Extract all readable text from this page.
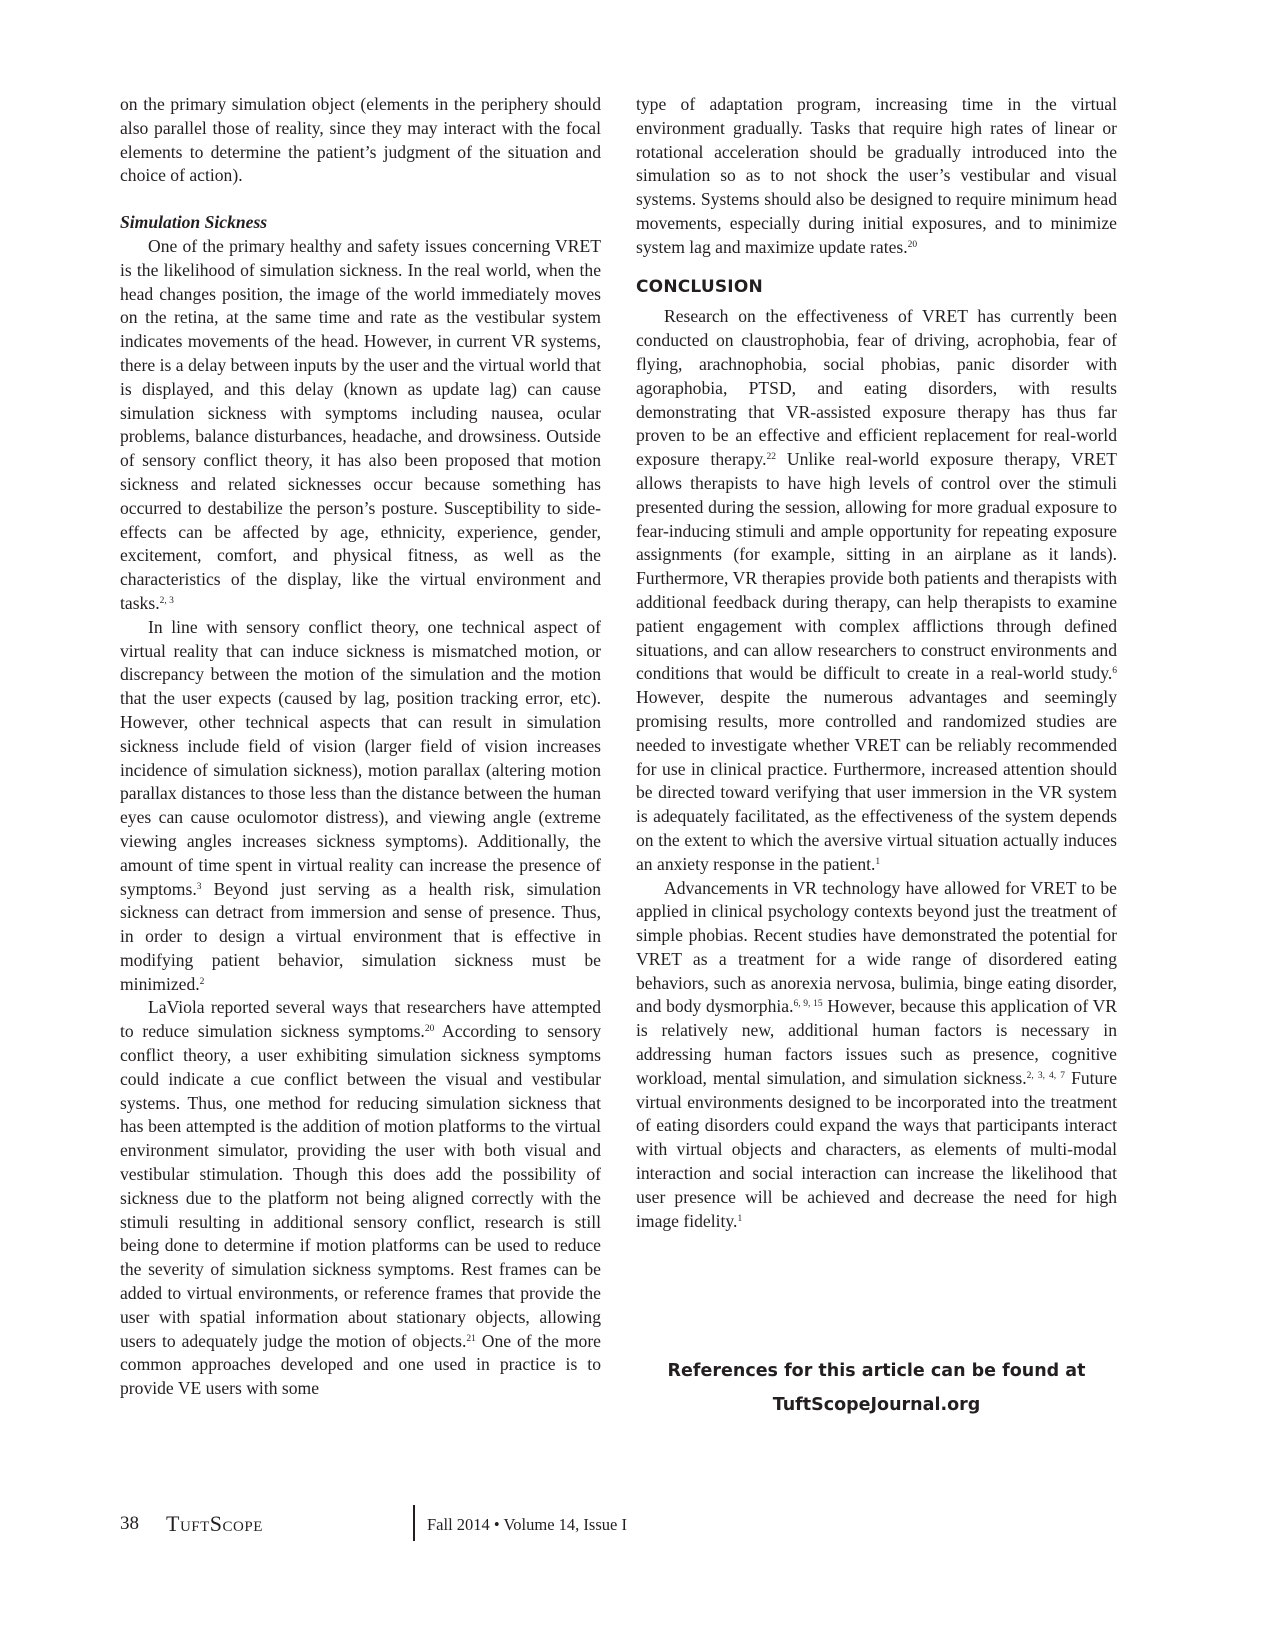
on the primary simulation object (elements in the periphery should also parallel those of reality, since they may interact with the focal elements to determine the patient’s judgment of the situation and choice of action).

Simulation Sickness

One of the primary healthy and safety issues concerning VRET is the likelihood of simulation sickness. In the real world, when the head changes position, the image of the world immediately moves on the retina, at the same time and rate as the vestibular system indicates movements of the head. However, in current VR systems, there is a delay between inputs by the user and the virtual world that is displayed, and this delay (known as update lag) can cause simulation sickness with symptoms including nausea, ocular problems, balance disturbances, headache, and drowsiness. Outside of sensory conflict theory, it has also been proposed that motion sickness and related sicknesses occur because something has occurred to destabilize the person’s posture. Susceptibility to side-effects can be affected by age, ethnicity, experience, gender, excitement, comfort, and physical fitness, as well as the characteristics of the display, like the virtual environment and tasks.$^{2, 3}$

In line with sensory conflict theory, one technical aspect of virtual reality that can induce sickness is mismatched motion, or discrepancy between the motion of the simulation and the motion that the user expects (caused by lag, position tracking error, etc). However, other technical aspects that can result in simulation sickness include field of vision (larger field of vision increases incidence of simulation sickness), motion parallax (altering motion parallax distances to those less than the distance between the human eyes can cause oculomotor distress), and viewing angle (extreme viewing angles increases sickness symptoms). Additionally, the amount of time spent in virtual reality can increase the presence of symptoms.$^3$ Beyond just serving as a health risk, simulation sickness can detract from immersion and sense of presence. Thus, in order to design a virtual environment that is effective in modifying patient behavior, simulation sickness must be minimized.$^2$

LaViola reported several ways that researchers have attempted to reduce simulation sickness symptoms.$^{20}$ According to sensory conflict theory, a user exhibiting simulation sickness symptoms could indicate a cue conflict between the visual and vestibular systems. Thus, one method for reducing simulation sickness that has been attempted is the addition of motion platforms to the virtual environment simulator, providing the user with both visual and vestibular stimulation. Though this does add the possibility of sickness due to the platform not being aligned correctly with the stimuli resulting in additional sensory conflict, research is still being done to determine if motion platforms can be used to reduce the severity of simulation sickness symptoms. Rest frames can be added to virtual environments, or reference frames that provide the user with spatial information about stationary objects, allowing users to adequately judge the motion of objects.$^{21}$ One of the more common approaches developed and one used in practice is to provide VE users with some

type of adaptation program, increasing time in the virtual environment gradually. Tasks that require high rates of linear or rotational acceleration should be gradually introduced into the simulation so as to not shock the user’s vestibular and visual systems. Systems should also be designed to require minimum head movements, especially during initial exposures, and to minimize system lag and maximize update rates.$^{20}$

CONCLUSION

Research on the effectiveness of VRET has currently been conducted on claustrophobia, fear of driving, acrophobia, fear of flying, arachnophobia, social phobias, panic disorder with agoraphobia, PTSD, and eating disorders, with results demonstrating that VR-assisted exposure therapy has thus far proven to be an effective and efficient replacement for real-world exposure therapy.$^{22}$ Unlike real-world exposure therapy, VRET allows therapists to have high levels of control over the stimuli presented during the session, allowing for more gradual exposure to fear-inducing stimuli and ample opportunity for repeating exposure assignments (for example, sitting in an airplane as it lands). Furthermore, VR therapies provide both patients and therapists with additional feedback during therapy, can help therapists to examine patient engagement with complex afflictions through defined situations, and can allow researchers to construct environments and conditions that would be difficult to create in a real-world study.$^6$ However, despite the numerous advantages and seemingly promising results, more controlled and randomized studies are needed to investigate whether VRET can be reliably recommended for use in clinical practice. Furthermore, increased attention should be directed toward verifying that user immersion in the VR system is adequately facilitated, as the effectiveness of the system depends on the extent to which the aversive virtual situation actually induces an anxiety response in the patient.$^1$

Advancements in VR technology have allowed for VRET to be applied in clinical psychology contexts beyond just the treatment of simple phobias. Recent studies have demonstrated the potential for VRET as a treatment for a wide range of disordered eating behaviors, such as anorexia nervosa, bulimia, binge eating disorder, and body dysmorphia.$^{6, 9, 15}$ However, because this application of VR is relatively new, additional human factors is necessary in addressing human factors issues such as presence, cognitive workload, mental simulation, and simulation sickness.$^{2, 3, 4, 7}$ Future virtual environments designed to be incorporated into the treatment of eating disorders could expand the ways that participants interact with virtual objects and characters, as elements of multi-modal interaction and social interaction can increase the likelihood that user presence will be achieved and decrease the need for high image fidelity.$^1$

References for this article can be found at
TuftScopeJournal.org
38 TuftScope	Fall 2014 • Volume 14, Issue I
